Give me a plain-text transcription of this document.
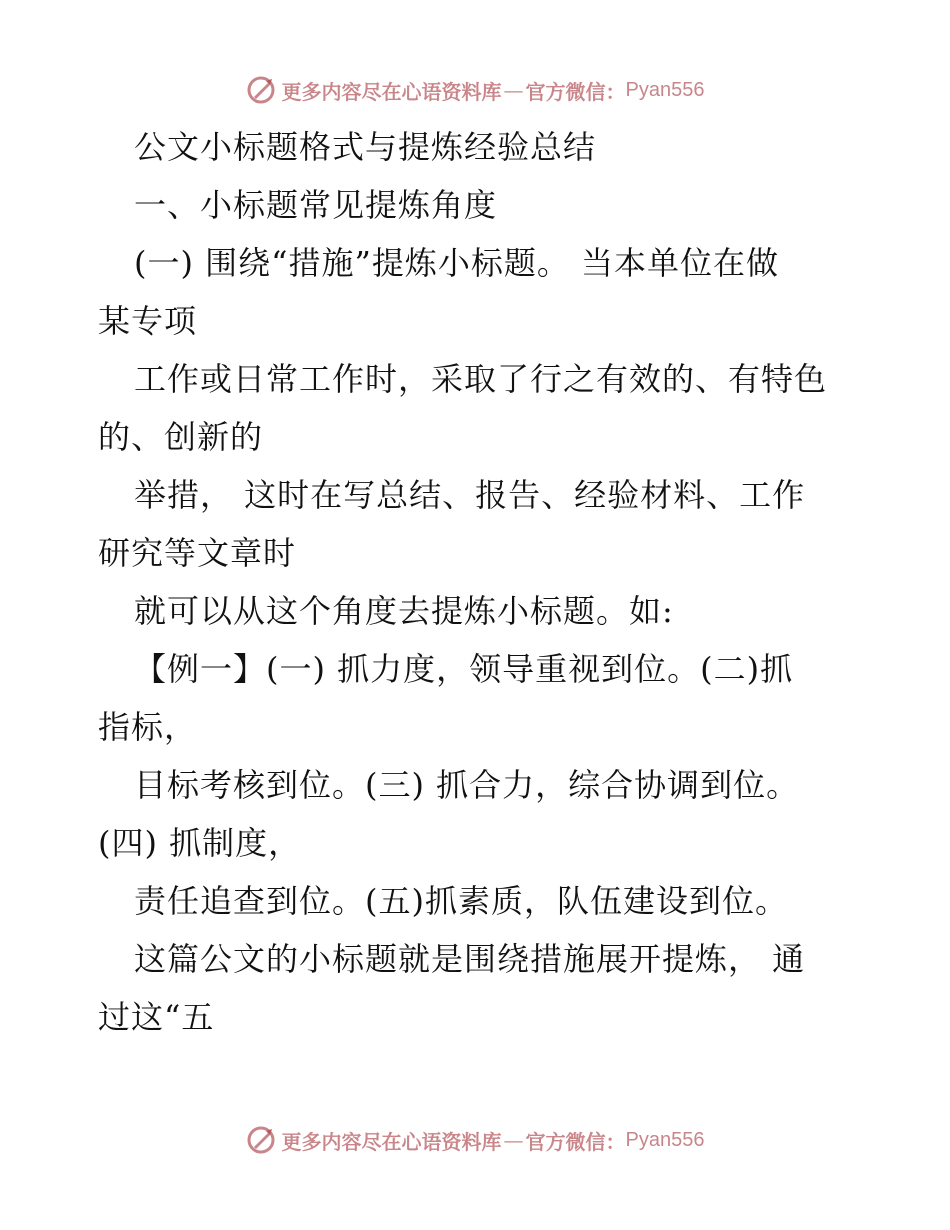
更多内容尽在心语资料库 — 官方微信： Pyan556
公文小标题格式与提炼经验总结
一、小标题常见提炼角度
(一) 围绕“措施”提炼小标题。 当本单位在做
某专项
工作或日常工作时，采取了行之有效的、有特色
的、创新的
举措， 这时在写总结、报告、经验材料、工作
研究等文章时
就可以从这个角度去提炼小标题。如:
【例一】(一) 抓力度，领导重视到位。(二)抓
指标，
目标考核到位。(三) 抓合力，综合协调到位。
(四) 抓制度，
责任追查到位。(五)抓素质，队伍建设到位。
这篇公文的小标题就是围绕措施展开提炼， 通
过这“五
更多内容尽在心语资料库 — 官方微信： Pyan556
